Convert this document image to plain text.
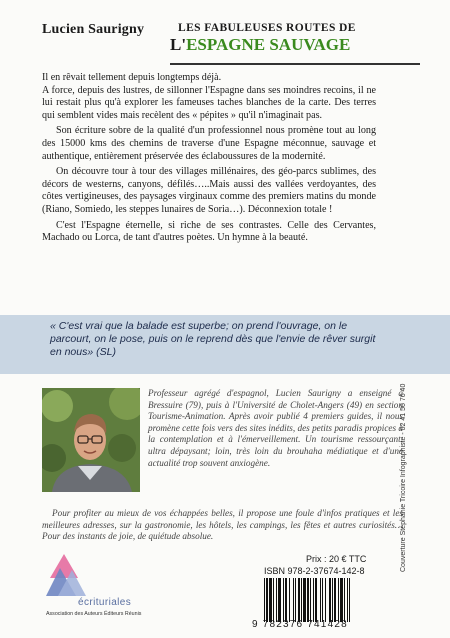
Lucien Saurigny	LES FABULEUSES ROUTES DE
L'ESPAGNE SAUVAGE

Il en rêvait tellement depuis longtemps déjà.

A force, depuis des lustres, de sillonner l'Espagne dans ses moindres recoins, il ne lui restait plus qu'à explorer les fameuses taches blanches de la carte. Des terres qui semblent vides mais recèlent des « pépites » qu'il n'imaginait pas.

Son écriture sobre de la qualité d'un professionnel nous promène tout au long des 15000 kms des chemins de traverse d'une Espagne méconnue, sauvage et authentique, entièrement préservée des éclaboussures de la modernité.

On découvre tour à tour des villages millénaires, des géo-parcs sublimes, des décors de westerns, canyons, défilés…..Mais aussi des vallées verdoyantes, des côtes vertigineuses, des paysages virginaux comme des premiers matins du monde (Riano, Somiedo, les steppes lunaires de Soria…). Déconnexion totale !

C'est l'Espagne éternelle, si riche de ses contrastes. Celle des Cervantes, Machado ou Lorca, de tant d'autres poètes. Un hymne à la beauté.

« C'est vrai que la balade est superbe; on prend l'ouvrage, on le parcourt, on le pose, puis on le reprend dès que l'envie de rêver surgit en nous» (SL)
Professeur agrégé d'espagnol, Lucien Saurigny a enseigné à Bressuire (79), puis à l'Université de Cholet-Angers (49) en section Tourisme-Animation. Après avoir publié 4 premiers guides, il nous promène cette fois vers des sites inédits, des petits paradis propices à la contemplation et à l'émerveillement. Un tourisme ressourçant, ultra dépaysant; loin, très loin du brouhaha médiatique et d'une actualité trop souvent anxiogène.
Pour profiter au mieux de vos échappées belles, il propose une foule d'infos pratiques et les meilleures adresses, sur la gastronomie, les hôtels, les campings, les fêtes et autres curiosités…Pour des instants de joie, de quiétude absolue.	Couverture Stéphanie Tricoire Infographiste - 02 41 56 76 40
écrituriales
Association des Auteurs Éditeurs Réunis
Prix : 20 € TTC
ISBN 978-2-37674-142-8
9 782376 741428
